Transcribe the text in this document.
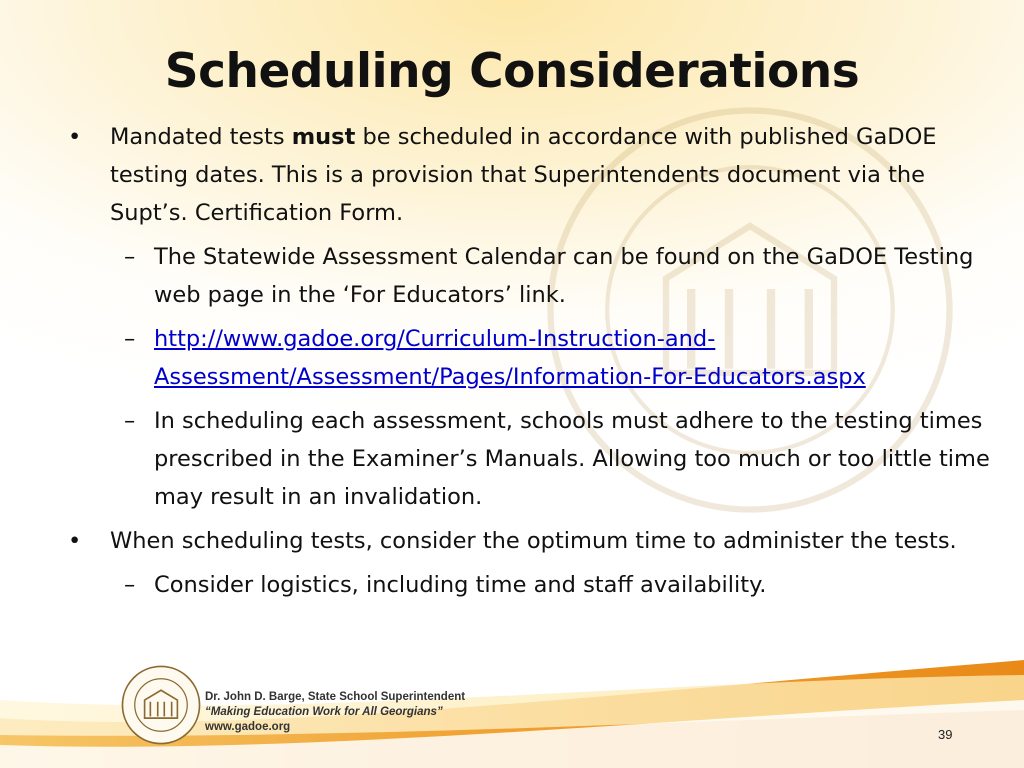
Scheduling Considerations
• Mandated tests must be scheduled in accordance with published GaDOE testing dates. This is a provision that Superintendents document via the Supt’s. Certification Form.
– The Statewide Assessment Calendar can be found on the GaDOE Testing web page in the ‘For Educators’ link.
– http://www.gadoe.org/Curriculum-Instruction-and-Assessment/Assessment/Pages/Information-For-Educators.aspx
– In scheduling each assessment, schools must adhere to the testing times prescribed in the Examiner’s Manuals. Allowing too much or too little time may result in an invalidation.
• When scheduling tests, consider the optimum time to administer the tests.
– Consider logistics, including time and staff availability.
Dr. John D. Barge, State School Superintendent
“Making Education Work for All Georgians”
www.gadoe.org	39
